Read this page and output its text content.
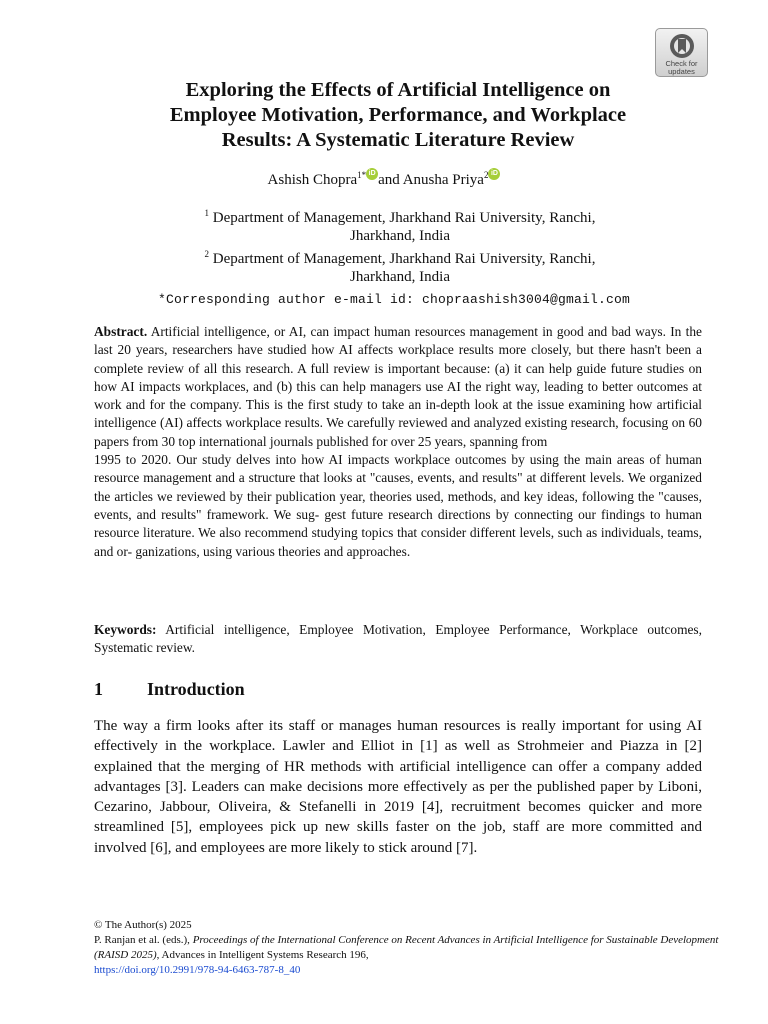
Check for
updates
Exploring the Effects of Artificial Intelligence on
Employee Motivation, Performance, and Workplace
Results: A Systematic Literature Review
Ashish Chopra$^{1*}$ iD and Anusha Priya$^2$ iD
$^1$ Department of Management, Jharkhand Rai University, Ranchi,
Jharkhand, India
$^2$ Department of Management, Jharkhand Rai University, Ranchi,
Jharkhand, India
*Corresponding author e-mail id: chopraashish3004@gmail.com
Abstract. Artificial intelligence, or AI, can impact human resources management in good and bad ways. In the last 20 years, researchers have studied how AI affects workplace results more closely, but there hasn't been a complete review of all this research. A full review is important because: (a) it can help guide future studies on how AI impacts workplaces, and (b) this can help managers use AI the right way, leading to better outcomes at work and for the company. This is the first study to take an in-depth look at the issue examining how artificial intelligence (AI) affects workplace results. We carefully reviewed and analyzed existing research, focusing on 60 papers from 30 top international journals published for over 25 years, spanning from
1995 to 2020. Our study delves into how AI impacts workplace outcomes by using the main areas of human resource management and a structure that looks at "causes, events, and results" at different levels. We organized the articles we reviewed by their publication year, theories used, methods, and key ideas, following the "causes, events, and results" framework. We sug- gest future research directions by connecting our findings to human resource literature. We also recommend studying topics that consider different levels, such as individuals, teams, and or- ganizations, using various theories and approaches.
Keywords: Artificial intelligence, Employee Motivation, Employee Performance, Workplace outcomes, Systematic review.
1 Introduction
The way a firm looks after its staff or manages human resources is really important for using AI effectively in the workplace. Lawler and Elliot in [1] as well as Strohmeier and Piazza in [2] explained that the merging of HR methods with artificial intelligence can offer a company added advantages [3]. Leaders can make decisions more effectively as per the published paper by Liboni, Cezarino, Jabbour, Oliveira, & Stefanelli in 2019 [4], recruitment becomes quicker and more streamlined [5], employees pick up new skills faster on the job, staff are more committed and involved [6], and employees are more likely to stick around [7].
© The Author(s) 2025
P. Ranjan et al. (eds.), Proceedings of the International Conference on Recent Advances in Artificial Intelligence for Sustainable Development (RAISD 2025), Advances in Intelligent Systems Research 196,
https://doi.org/10.2991/978-94-6463-787-8_40
